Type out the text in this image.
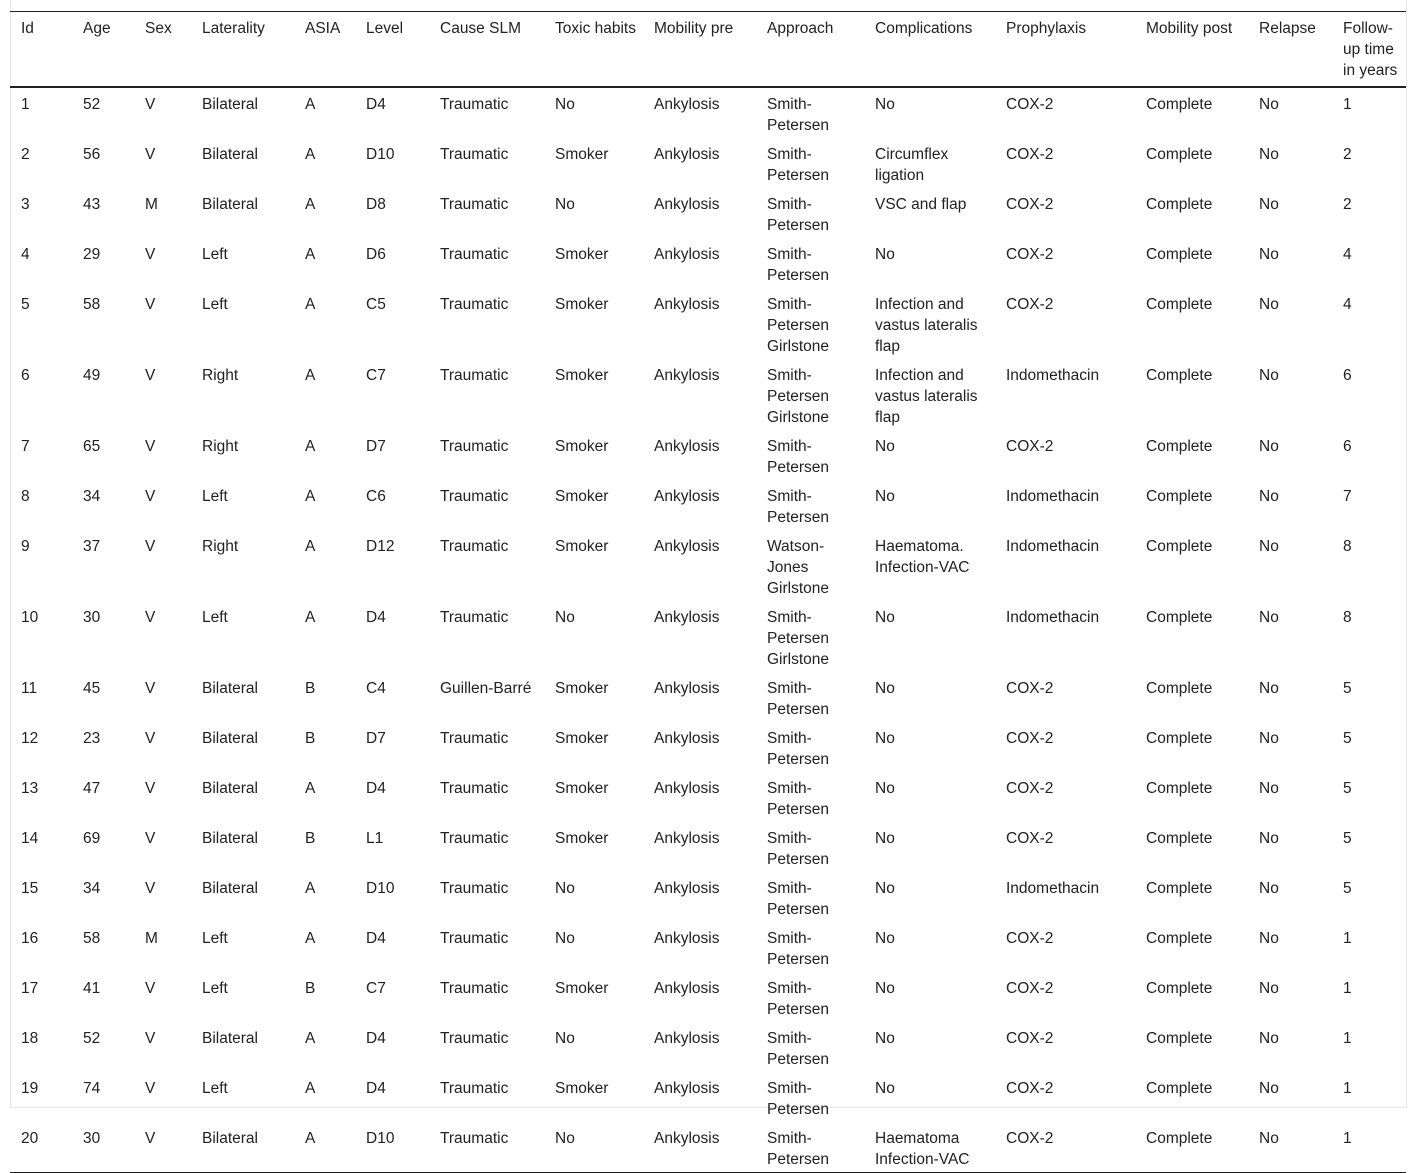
Id	Age	Sex	Laterality	ASIA	Level	Cause SLM	Toxic habits	Mobility pre	Approach	Complications	Prophylaxis	Mobility post	Relapse	Follow-up time in years
1	52	V	Bilateral	A	D4	Traumatic	No	Ankylosis	Smith-Petersen	No	COX-2	Complete	No	1
2	56	V	Bilateral	A	D10	Traumatic	Smoker	Ankylosis	Smith-Petersen	Circumflex ligation	COX-2	Complete	No	2
3	43	M	Bilateral	A	D8	Traumatic	No	Ankylosis	Smith-Petersen	VSC and flap	COX-2	Complete	No	2
4	29	V	Left	A	D6	Traumatic	Smoker	Ankylosis	Smith-Petersen	No	COX-2	Complete	No	4
5	58	V	Left	A	C5	Traumatic	Smoker	Ankylosis	Smith-Petersen Girlstone	Infection and vastus lateralis flap	COX-2	Complete	No	4
6	49	V	Right	A	C7	Traumatic	Smoker	Ankylosis	Smith-Petersen Girlstone	Infection and vastus lateralis flap	Indomethacin	Complete	No	6
7	65	V	Right	A	D7	Traumatic	Smoker	Ankylosis	Smith-Petersen	No	COX-2	Complete	No	6
8	34	V	Left	A	C6	Traumatic	Smoker	Ankylosis	Smith-Petersen	No	Indomethacin	Complete	No	7
9	37	V	Right	A	D12	Traumatic	Smoker	Ankylosis	Watson-Jones Girlstone	Haematoma. Infection-VAC	Indomethacin	Complete	No	8
10	30	V	Left	A	D4	Traumatic	No	Ankylosis	Smith-Petersen Girlstone	No	Indomethacin	Complete	No	8
11	45	V	Bilateral	B	C4	Guillen-Barré	Smoker	Ankylosis	Smith-Petersen	No	COX-2	Complete	No	5
12	23	V	Bilateral	B	D7	Traumatic	Smoker	Ankylosis	Smith-Petersen	No	COX-2	Complete	No	5
13	47	V	Bilateral	A	D4	Traumatic	Smoker	Ankylosis	Smith-Petersen	No	COX-2	Complete	No	5
14	69	V	Bilateral	B	L1	Traumatic	Smoker	Ankylosis	Smith-Petersen	No	COX-2	Complete	No	5
15	34	V	Bilateral	A	D10	Traumatic	No	Ankylosis	Smith-Petersen	No	Indomethacin	Complete	No	5
16	58	M	Left	A	D4	Traumatic	No	Ankylosis	Smith-Petersen	No	COX-2	Complete	No	1
17	41	V	Left	B	C7	Traumatic	Smoker	Ankylosis	Smith-Petersen	No	COX-2	Complete	No	1
18	52	V	Bilateral	A	D4	Traumatic	No	Ankylosis	Smith-Petersen	No	COX-2	Complete	No	1
19	74	V	Left	A	D4	Traumatic	Smoker	Ankylosis	Smith-Petersen	No	COX-2	Complete	No	1
20	30	V	Bilateral	A	D10	Traumatic	No	Ankylosis	Smith-Petersen	Haematoma Infection-VAC	COX-2	Complete	No	1
